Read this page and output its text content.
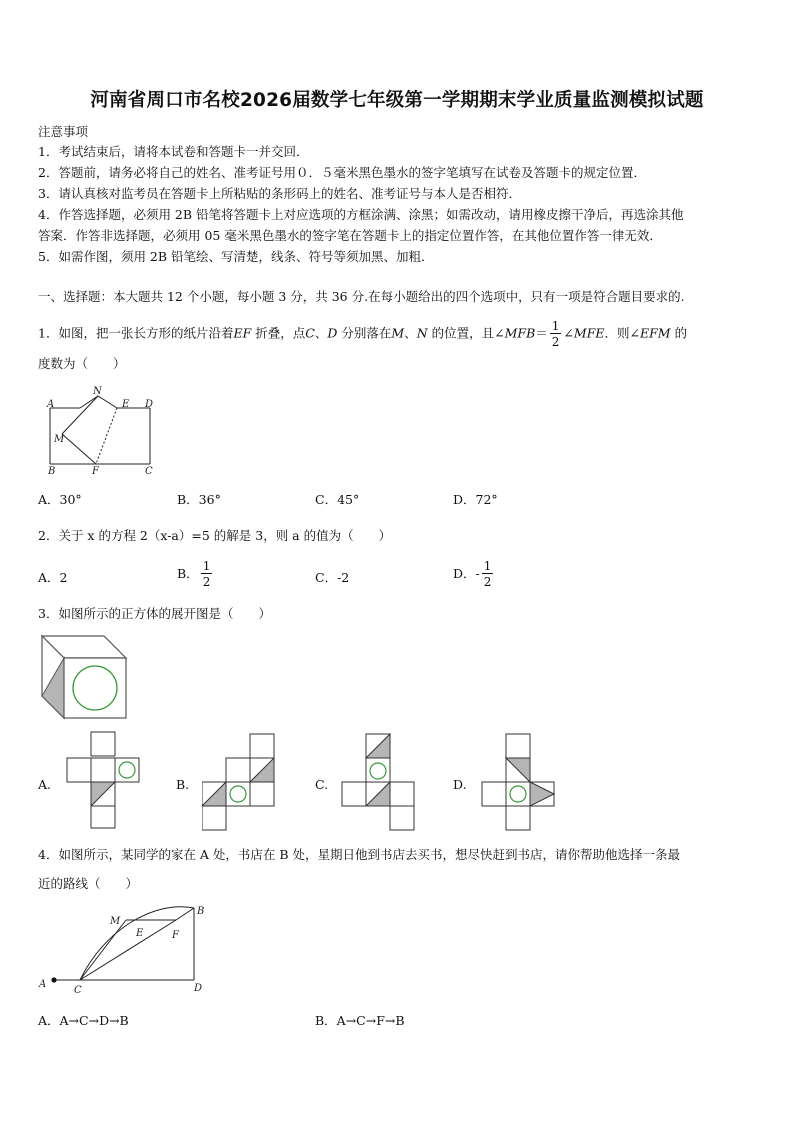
河南省周口市名校2026届数学七年级第一学期期末学业质量监测模拟试题
注意事项
1．考试结束后，请将本试卷和答题卡一并交回．
2．答题前，请务必将自己的姓名、准考证号用０．５毫米黑色墨水的签字笔填写在试卷及答题卡的规定位置．
3．请认真核对监考员在答题卡上所粘贴的条形码上的姓名、准考证号与本人是否相符．
4．作答选择题，必须用 2B 铅笔将答题卡上对应选项的方框涂满、涂黑；如需改动，请用橡皮擦干净后，再选涂其他
答案．作答非选择题，必须用 05 毫米黑色墨水的签字笔在答题卡上的指定位置作答，在其他位置作答一律无效．
5．如需作图，须用 2B 铅笔绘、写清楚，线条、符号等须加黑、加粗．
一、选择题：本大题共 12 个小题，每小题 3 分，共 36 分.在每小题给出的四个选项中，只有一项是符合题目要求的.
1．如图，把一张长方形的纸片沿着EF 折叠，点C、D 分别落在M、N 的位置，且∠MFB＝ $\frac{1}{2}$ ∠MFE．则∠EFM 的
度数为（　　）
A
N
E D
M
B	F	C
A．30°	B．36°	C．45°	D．72°
2．关于 x 的方程 2（x-a）=5 的解是 3，则 a 的值为（　　）
A．2	B． $\frac{1}{2}$	C．-2	D．- $\frac{1}{2}$
3．如图所示的正方体的展开图是（　　）
A.	B.	C.	D.
4．如图所示，某同学的家在 A 处，书店在 B 处，星期日他到书店去买书，想尽快赶到书店，请你帮助他选择一条最
近的路线（　　）
M
B
E	F
A
C	D
A．A→C→D→B	B．A→C→F→B
